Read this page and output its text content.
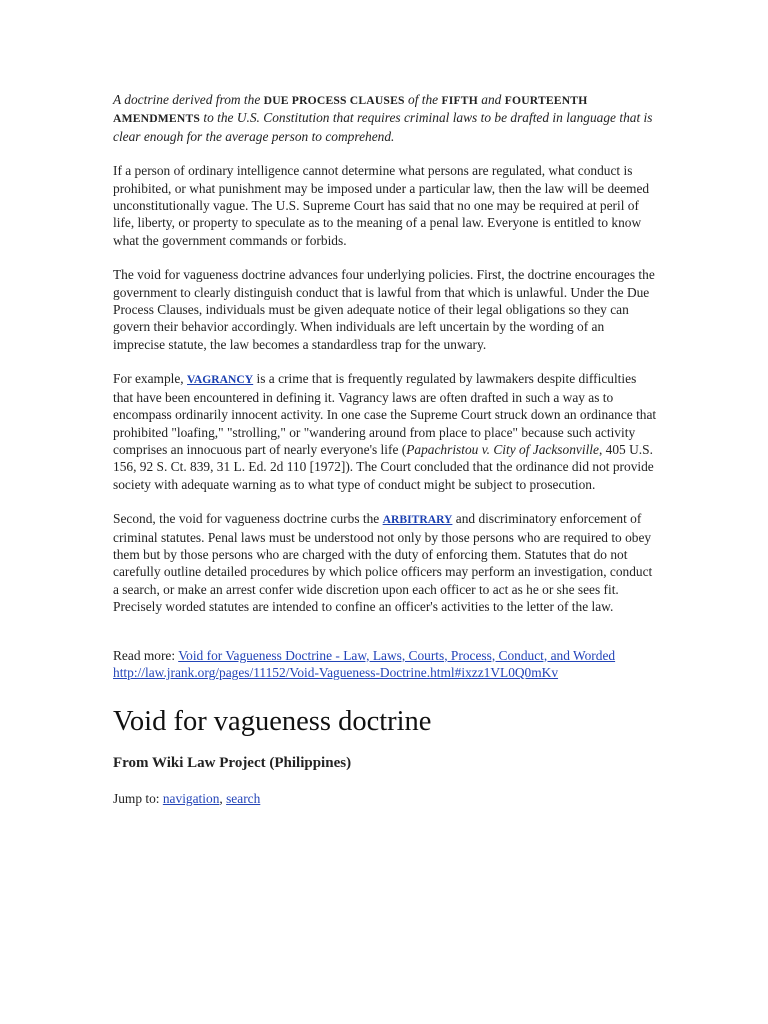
A doctrine derived from the DUE PROCESS CLAUSES of the FIFTH and FOURTEENTH AMENDMENTS to the U.S. Constitution that requires criminal laws to be drafted in language that is clear enough for the average person to comprehend.

If a person of ordinary intelligence cannot determine what persons are regulated, what conduct is prohibited, or what punishment may be imposed under a particular law, then the law will be deemed unconstitutionally vague. The U.S. Supreme Court has said that no one may be required at peril of life, liberty, or property to speculate as to the meaning of a penal law. Everyone is entitled to know what the government commands or forbids.

The void for vagueness doctrine advances four underlying policies. First, the doctrine encourages the government to clearly distinguish conduct that is lawful from that which is unlawful. Under the Due Process Clauses, individuals must be given adequate notice of their legal obligations so they can govern their behavior accordingly. When individuals are left uncertain by the wording of an imprecise statute, the law becomes a standardless trap for the unwary.

For example, VAGRANCY is a crime that is frequently regulated by lawmakers despite difficulties that have been encountered in defining it. Vagrancy laws are often drafted in such a way as to encompass ordinarily innocent activity. In one case the Supreme Court struck down an ordinance that prohibited "loafing," "strolling," or "wandering around from place to place" because such activity comprises an innocuous part of nearly everyone's life (Papachristou v. City of Jacksonville, 405 U.S. 156, 92 S. Ct. 839, 31 L. Ed. 2d 110 [1972]). The Court concluded that the ordinance did not provide society with adequate warning as to what type of conduct might be subject to prosecution.

Second, the void for vagueness doctrine curbs the ARBITRARY and discriminatory enforcement of criminal statutes. Penal laws must be understood not only by those persons who are required to obey them but by those persons who are charged with the duty of enforcing them. Statutes that do not carefully outline detailed procedures by which police officers may perform an investigation, conduct a search, or make an arrest confer wide discretion upon each officer to act as he or she sees fit. Precisely worded statutes are intended to confine an officer's activities to the letter of the law.

Read more: Void for Vagueness Doctrine - Law, Laws, Courts, Process, Conduct, and Worded http://law.jrank.org/pages/11152/Void-Vagueness-Doctrine.html#ixzz1VL0Q0mKv

Void for vagueness doctrine
From Wiki Law Project (Philippines)

Jump to: navigation, search
